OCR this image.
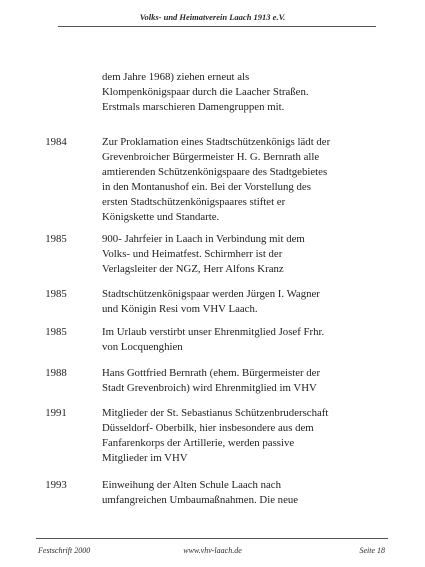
Volks- und Heimatverein Laach 1913 e.V.
dem Jahre 1968) ziehen erneut als
Klompenkönigspaar durch die Laacher Straßen.
Erstmals marschieren Damengruppen mit.
1984	Zur Proklamation eines Stadtschützenkönigs lädt der
Grevenbroicher Bürgermeister H. G. Bernrath alle
amtierenden Schützenkönigspaare des Stadtgebietes
in den Montanushof ein. Bei der Vorstellung des
ersten Stadtschützenkönigspaares stiftet er
Königskette und Standarte.
1985	900- Jahrfeier in Laach in Verbindung mit dem
Volks- und Heimatfest. Schirmherr ist der
Verlagsleiter der NGZ, Herr Alfons Kranz
1985	Stadtschützenkönigspaar werden Jürgen I. Wagner
und Königin Resi vom VHV Laach.
1985	Im Urlaub verstirbt unser Ehrenmitglied Josef Frhr.
von Locquenghien
1988	Hans Gottfried Bernrath (ehem. Bürgermeister der
Stadt Grevenbroich) wird Ehrenmitglied im VHV
1991	Mitglieder der St. Sebastianus Schützenbruderschaft
Düsseldorf- Oberbilk, hier insbesondere aus dem
Fanfarenkorps der Artillerie, werden passive
Mitglieder im VHV
1993	Einweihung der Alten Schule Laach nach
umfangreichen Umbaumaßnahmen. Die neue
Festschrift 2000	www.vhv-laach.de	Seite 18
